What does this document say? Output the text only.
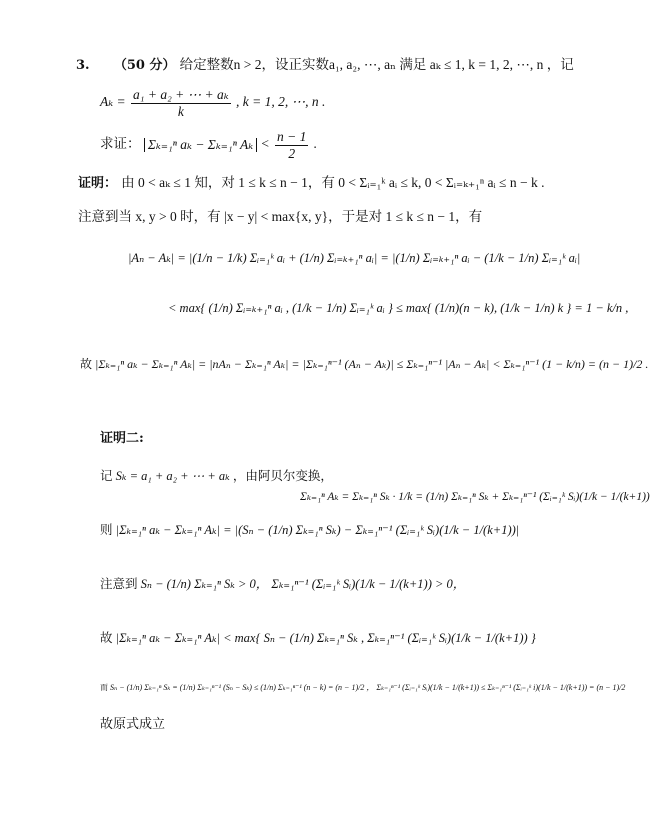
3. （50 分） 给定整数n > 2，设正实数a₁, a₂, ⋯, aₙ 满足 aₖ ≤ 1, k = 1, 2, ⋯, n ，记
$A_k = \frac{\text{a₁ + a₂ + ⋯ + aₖ}}{k}$ , k = 1, 2, ⋯, n .
求证： Σₖ₌₁ⁿ aₖ − Σₖ₌₁ⁿ $A_k < \frac{n - 1}{2}$ .
证明： 由 0 < aₖ ≤ 1 知，对 1 ≤ k ≤ n − 1，有 0 < Σᵢ₌₁ᵏ aᵢ ≤ k, 0 < Σᵢ₌ₖ₊₁ⁿ aᵢ ≤ n − k .
注意到当 x, y > 0 时，有 |x − y| < max{x, y}，于是对 1 ≤ k ≤ n − 1，有
|Aₙ − Aₖ| = |(1/n − 1/k) Σᵢ₌₁ᵏ aᵢ + (1/n) Σᵢ₌ₖ₊₁ⁿ aᵢ| = |(1/n) Σᵢ₌ₖ₊₁ⁿ aᵢ − (1/k − 1/n) Σᵢ₌₁ᵏ aᵢ|
< max{ (1/n) Σᵢ₌ₖ₊₁ⁿ aᵢ , (1/k − 1/n) Σᵢ₌₁ᵏ aᵢ } ≤ max{ (1/n)(n − k), (1/k − 1/n) k } = 1 − k/n ,
故 |Σₖ₌₁ⁿ aₖ − Σₖ₌₁ⁿ Aₖ| = |nAₙ − Σₖ₌₁ⁿ Aₖ| = |Σₖ₌₁ⁿ⁻¹ (Aₙ − Aₖ)| ≤ Σₖ₌₁ⁿ⁻¹ |Aₙ − Aₖ| < Σₖ₌₁ⁿ⁻¹ (1 − k/n) = (n − 1)/2 .
证明二:
记 Sₖ = a₁ + a₂ + ⋯ + aₖ ，由阿贝尔变换，
Σₖ₌₁ⁿ Aₖ = Σₖ₌₁ⁿ Sₖ · 1/k = (1/n) Σₖ₌₁ⁿ Sₖ + Σₖ₌₁ⁿ⁻¹ (Σᵢ₌₁ᵏ Sᵢ)(1/k − 1/(k+1))
则 |Σₖ₌₁ⁿ aₖ − Σₖ₌₁ⁿ Aₖ| = |(Sₙ − (1/n) Σₖ₌₁ⁿ Sₖ) − Σₖ₌₁ⁿ⁻¹ (Σᵢ₌₁ᵏ Sᵢ)(1/k − 1/(k+1))|
注意到 Sₙ − (1/n) Σₖ₌₁ⁿ Sₖ > 0， Σₖ₌₁ⁿ⁻¹ (Σᵢ₌₁ᵏ Sᵢ)(1/k − 1/(k+1)) > 0，
故 |Σₖ₌₁ⁿ aₖ − Σₖ₌₁ⁿ Aₖ| < max{ Sₙ − (1/n) Σₖ₌₁ⁿ Sₖ , Σₖ₌₁ⁿ⁻¹ (Σᵢ₌₁ᵏ Sᵢ)(1/k − 1/(k+1)) }
而 Sₙ − (1/n) Σₖ₌₁ⁿ Sₖ = (1/n) Σₖ₌₁ⁿ⁻¹ (Sₙ − Sₖ) ≤ (1/n) Σₖ₌₁ⁿ⁻¹ (n − k) = (n − 1)/2 ， Σₖ₌₁ⁿ⁻¹ (Σᵢ₌₁ᵏ Sᵢ)(1/k − 1/(k+1)) ≤ Σₖ₌₁ⁿ⁻¹ (Σᵢ₌₁ᵏ i)(1/k − 1/(k+1)) = (n − 1)/2
故原式成立
